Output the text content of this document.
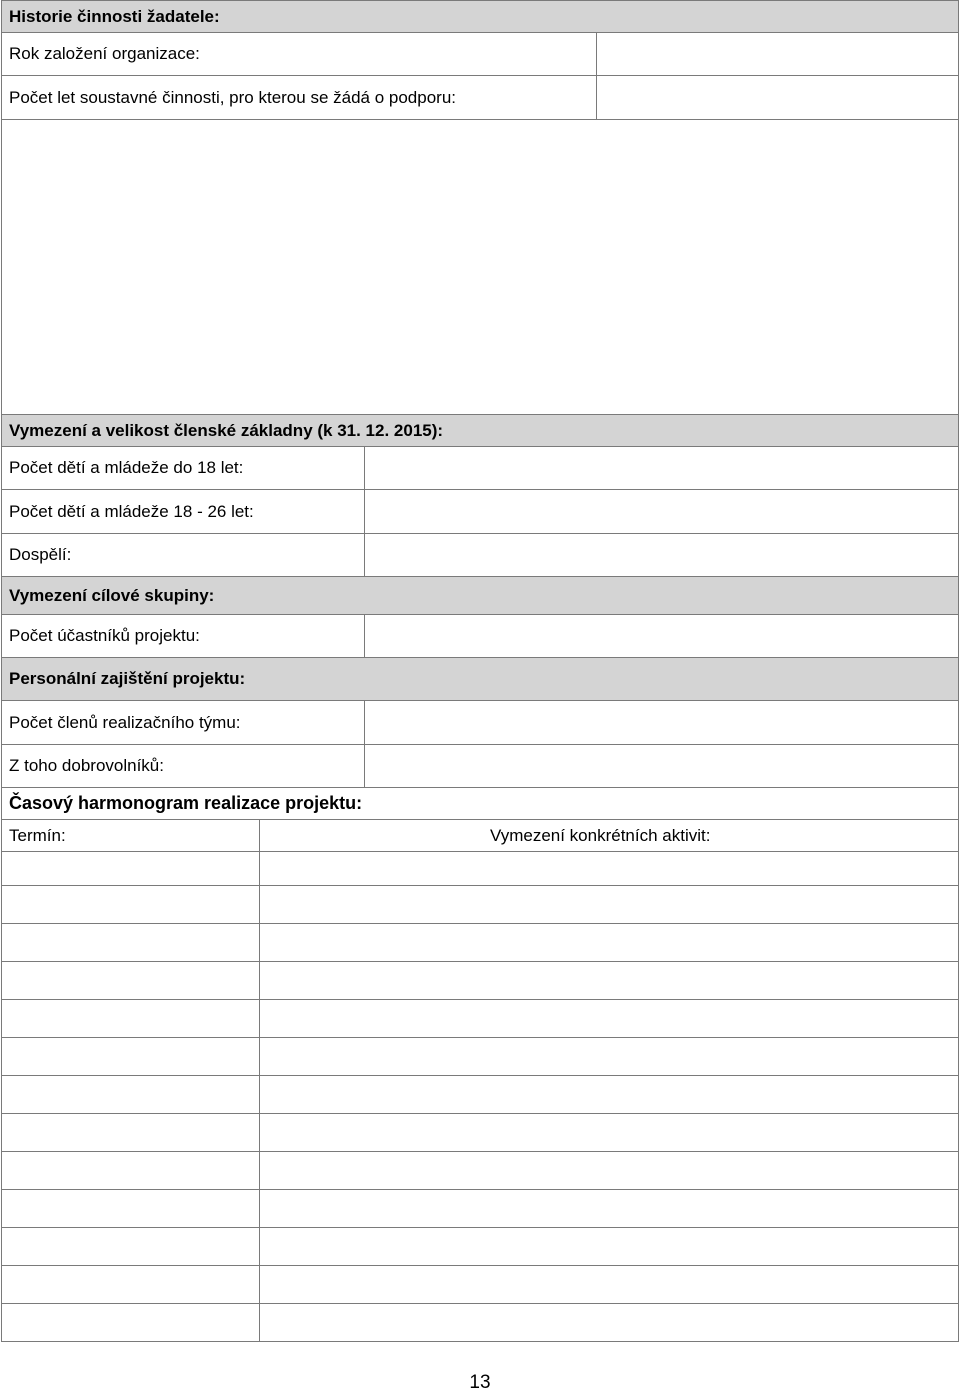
Historie činnosti žadatele:
Rok založení organizace:
Počet let soustavné činnosti, pro kterou se žádá o podporu:
Vymezení a velikost členské základny (k 31. 12. 2015):
Počet dětí a mládeže do 18 let:
Počet dětí a mládeže 18 - 26 let:
Dospělí:
Vymezení cílové skupiny:
Počet účastníků projektu:
Personální zajištění projektu:
Počet členů realizačního týmu:
Z toho dobrovolníků:
Časový harmonogram realizace projektu:
Termín:	Vymezení konkrétních aktivit:
13
